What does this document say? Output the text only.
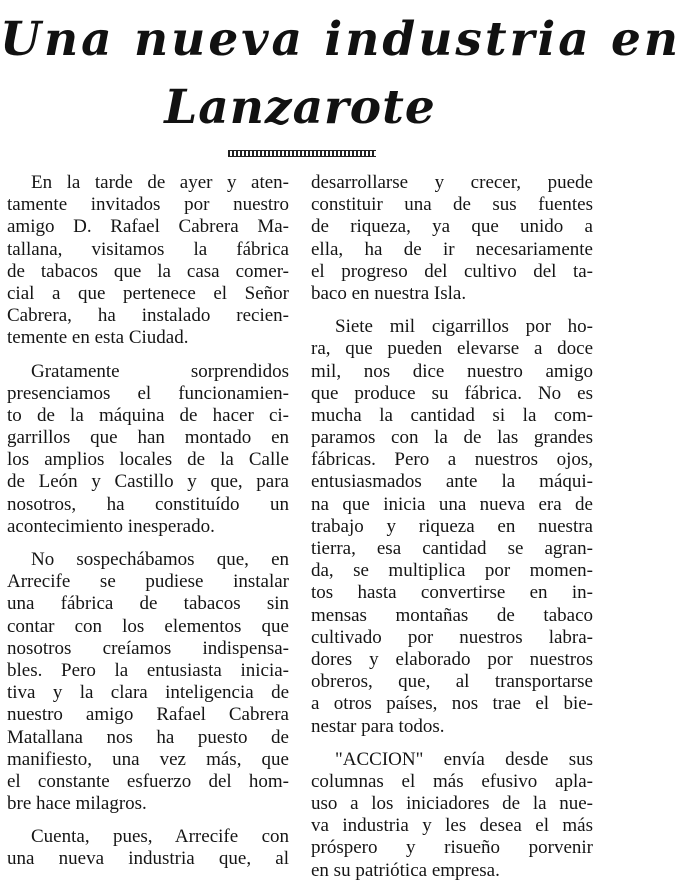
Una nueva industria en
Lanzarote
En la tarde de ayer y aten-
tamente invitados por nuestro
amigo D. Rafael Cabrera Ma-
tallana, visitamos la fábrica
de tabacos que la casa comer-
cial a que pertenece el Señor
Cabrera, ha instalado recien-
temente en esta Ciudad.
Gratamente sorprendidos
presenciamos el funcionamien-
to de la máquina de hacer ci-
garrillos que han montado en
los amplios locales de la Calle
de León y Castillo y que, para
nosotros, ha constituído un
acontecimiento inesperado.
No sospechábamos que, en
Arrecife se pudiese instalar
una fábrica de tabacos sin
contar con los elementos que
nosotros creíamos indispensa-
bles. Pero la entusiasta inicia-
tiva y la clara inteligencia de
nuestro amigo Rafael Cabrera
Matallana nos ha puesto de
manifiesto, una vez más, que
el constante esfuerzo del hom-
bre hace milagros.
Cuenta, pues, Arrecife con
una nueva industria que, al
desarrollarse y crecer, puede
constituir una de sus fuentes
de riqueza, ya que unido a
ella, ha de ir necesariamente
el progreso del cultivo del ta-
baco en nuestra Isla.
Siete mil cigarrillos por ho-
ra, que pueden elevarse a doce
mil, nos dice nuestro amigo
que produce su fábrica. No es
mucha la cantidad si la com-
paramos con la de las grandes
fábricas. Pero a nuestros ojos,
entusiasmados ante la máqui-
na que inicia una nueva era de
trabajo y riqueza en nuestra
tierra, esa cantidad se agran-
da, se multiplica por momen-
tos hasta convertirse en in-
mensas montañas de tabaco
cultivado por nuestros labra-
dores y elaborado por nuestros
obreros, que, al transportarse
a otros países, nos trae el bie-
nestar para todos.
"ACCION" envía desde sus
columnas el más efusivo apla-
uso a los iniciadores de la nue-
va industria y les desea el más
próspero y risueño porvenir
en su patriótica empresa.
